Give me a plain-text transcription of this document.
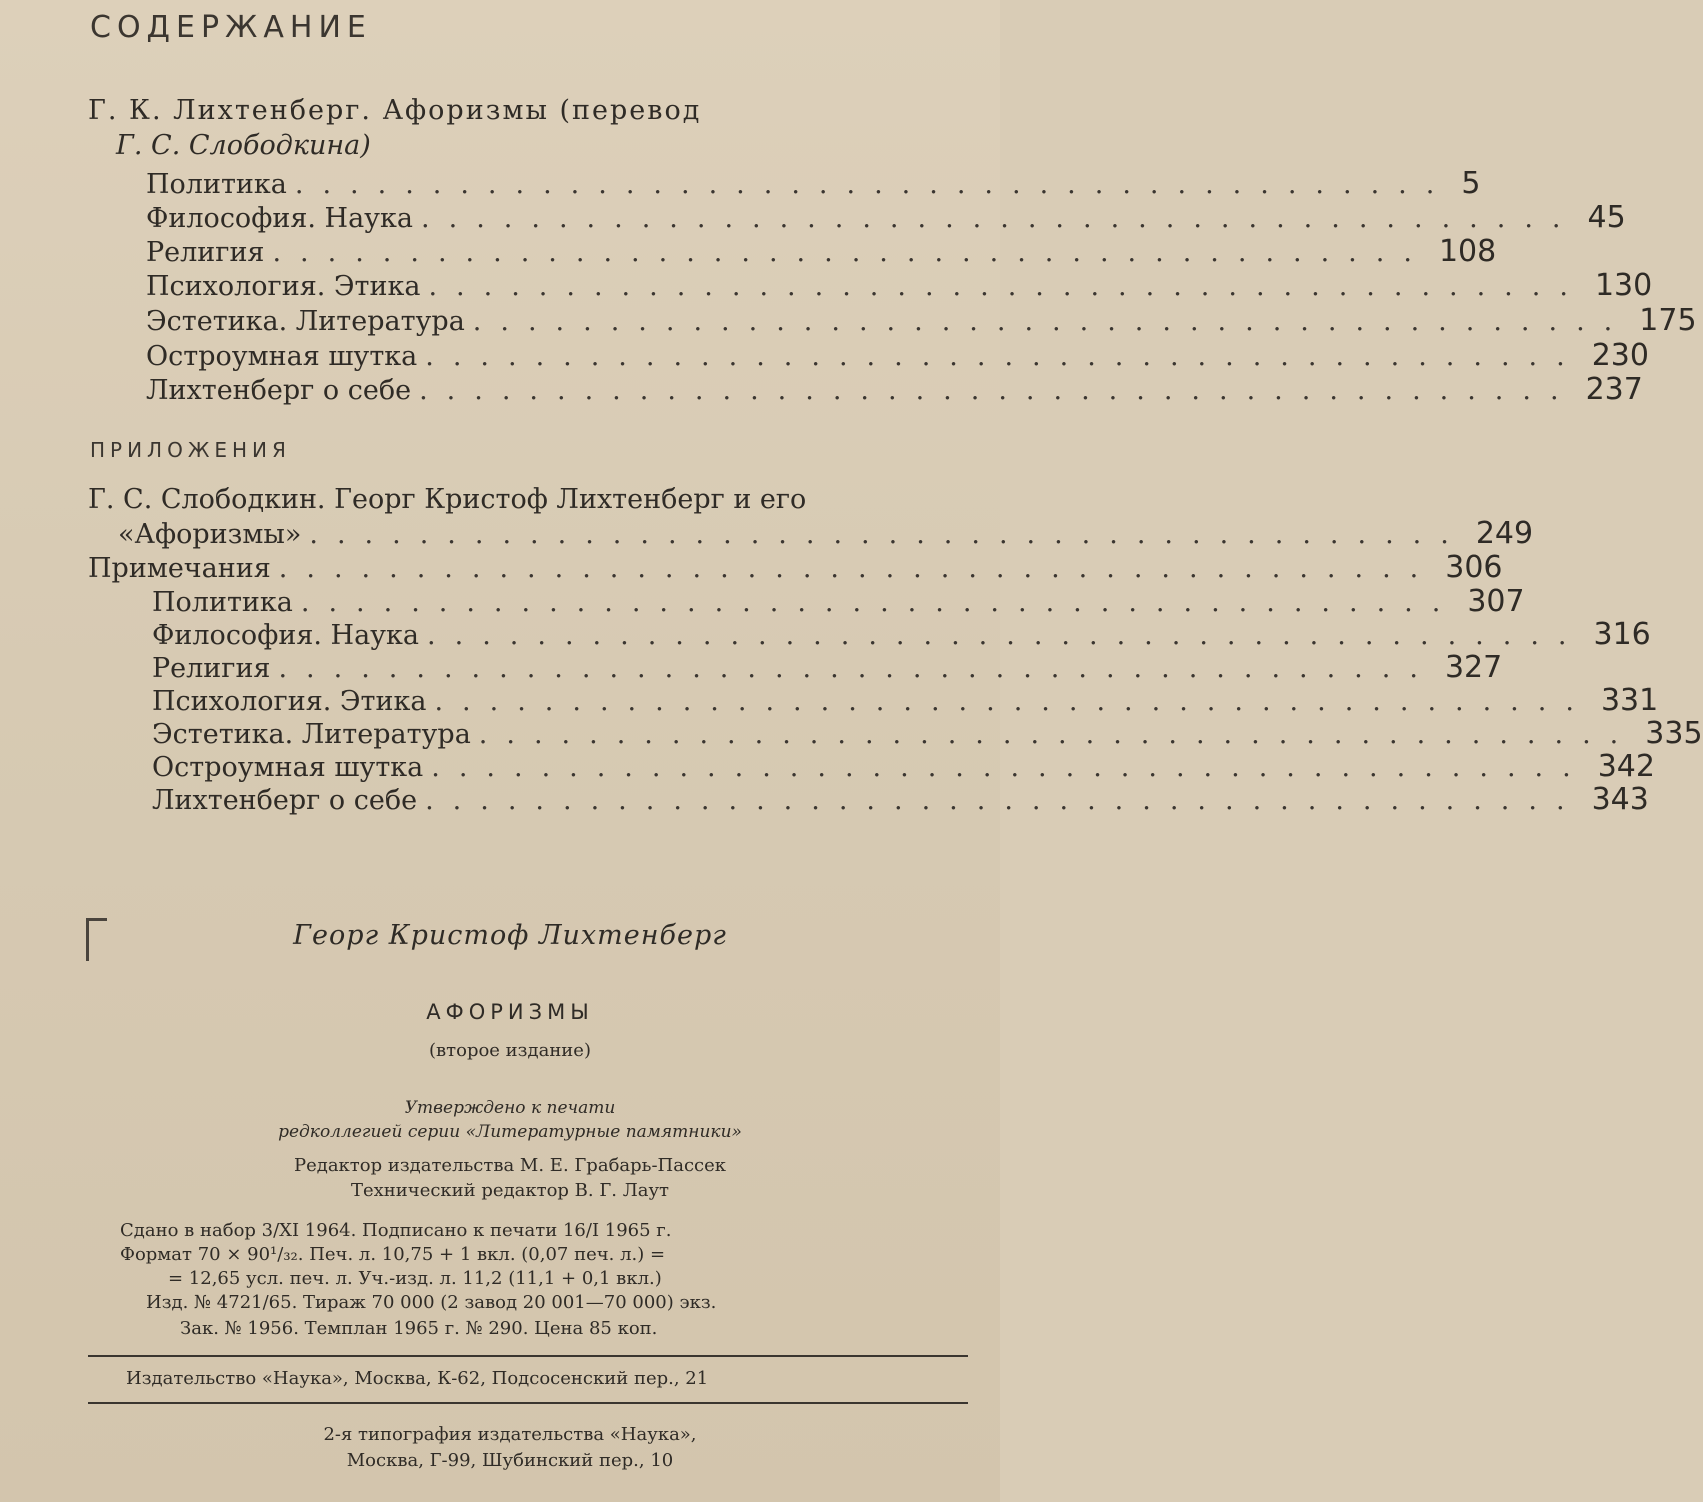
СОДЕРЖАНИЕ
Г. К. Лихтенберг. Афоризмы (перевод
Г. С. Слободкина)
Политика .......................................... 5
Философия. Наука .......................................... 45
Религия .......................................... 108
Психология. Этика .......................................... 130
Эстетика. Литература .......................................... 175
Остроумная шутка .......................................... 230
Лихтенберг о себе .......................................... 237
ПРИЛОЖЕНИЯ
Г. С. Слободкин. Георг Кристоф Лихтенберг и его
«Афоризмы» .......................................... 249
Примечания .......................................... 306
Политика .......................................... 307
Философия. Наука .......................................... 316
Религия .......................................... 327
Психология. Этика .......................................... 331
Эстетика. Литература .......................................... 335
Остроумная шутка .......................................... 342
Лихтенберг о себе .......................................... 343
Георг Кристоф Лихтенберг
АФОРИЗМЫ
(второе издание)
Утверждено к печати
редколлегией серии «Литературные памятники»
Редактор издательства М. Е. Грабарь-Пассек
Технический редактор В. Г. Лаут
Сдано в набор 3/XI 1964. Подписано к печати 16/I 1965 г.
Формат 70 × 90¹/₃₂. Печ. л. 10,75 + 1 вкл. (0,07 печ. л.) =
= 12,65 усл. печ. л. Уч.-изд. л. 11,2 (11,1 + 0,1 вкл.)
Изд. № 4721/65. Тираж 70 000 (2 завод 20 001—70 000) экз.
Зак. № 1956. Темплан 1965 г. № 290. Цена 85 коп.
Издательство «Наука», Москва, К-62, Подсосенский пер., 21
2-я типография издательства «Наука»,
Москва, Г-99, Шубинский пер., 10
